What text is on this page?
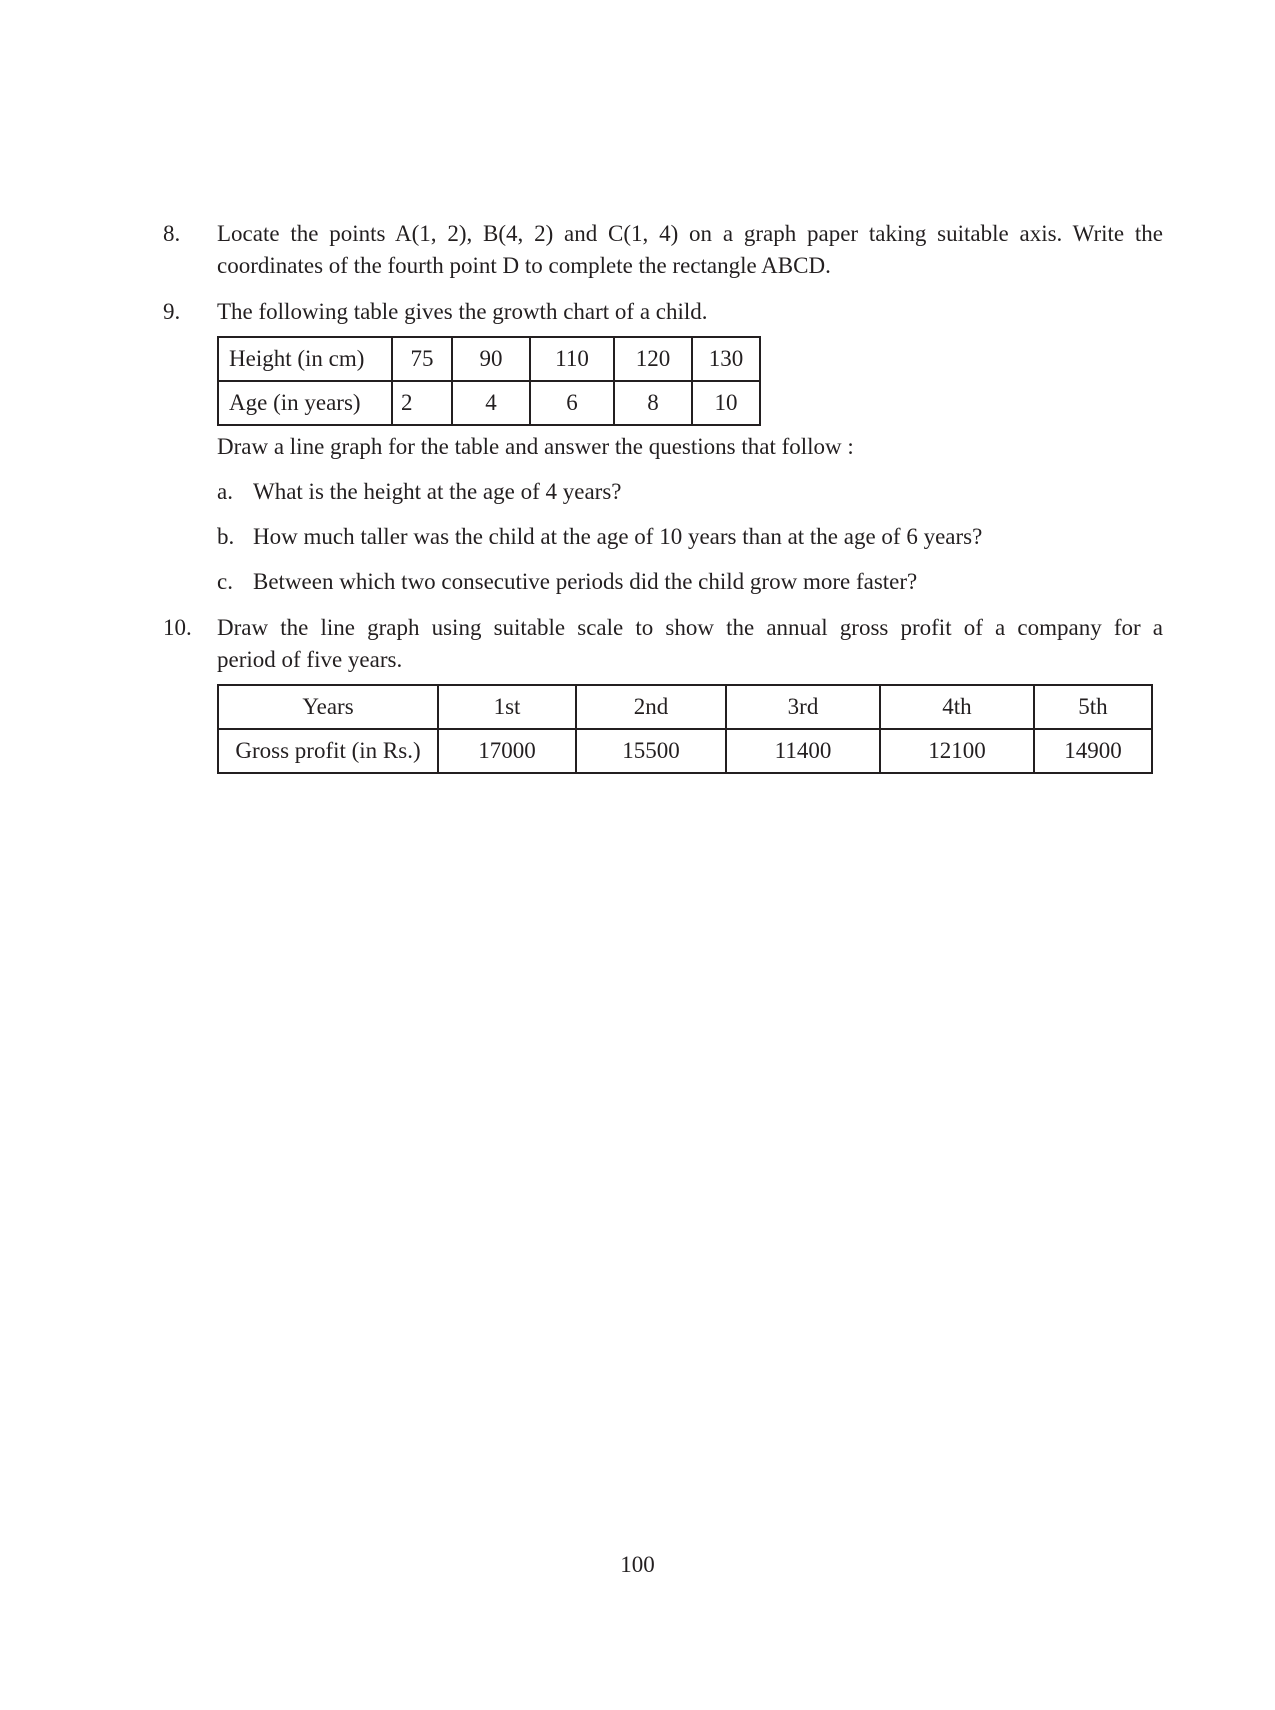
8. Locate the points A(1, 2), B(4, 2) and C(1, 4) on a graph paper taking suitable axis. Write the
coordinates of the fourth point D to complete the rectangle ABCD.
9. The following table gives the growth chart of a child.
Height (in cm)	75	90	110	120	130
Age (in years)	2	4	6	8	10
Draw a line graph for the table and answer the questions that follow :
a. What is the height at the age of 4 years?
b. How much taller was the child at the age of 10 years than at the age of 6 years?
c. Between which two consecutive periods did the child grow more faster?
10. Draw the line graph using suitable scale to show the annual gross profit of a company for a
period of five years.
Years	1st	2nd	3rd	4th	5th
Gross profit (in Rs.)	17000	15500	11400	12100	14900
100
